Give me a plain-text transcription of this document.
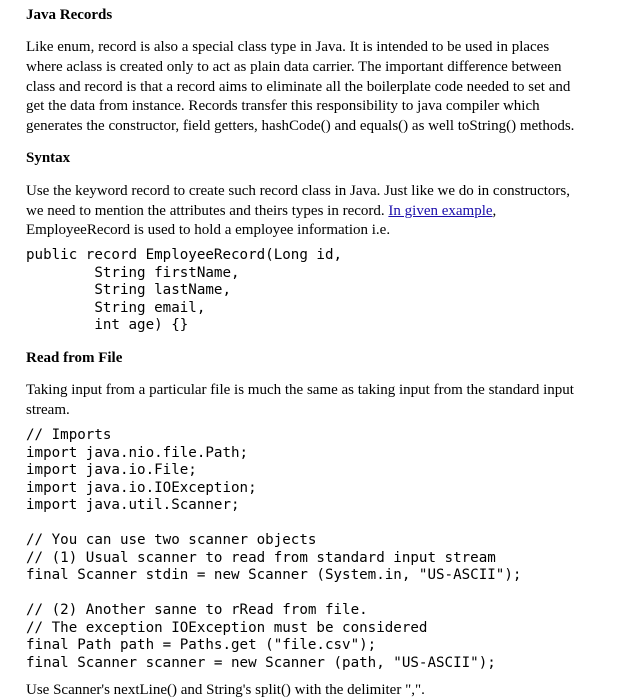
Java Records

Like enum, record is also a special class type in Java. It is intended to be used in places

where aclass is created only to act as plain data carrier. The important difference between

class and record is that a record aims to eliminate all the boilerplate code needed to set and

get the data from instance. Records transfer this responsibility to java compiler which

generates the constructor, field getters, hashCode() and equals() as well toString() methods.

Syntax

Use the keyword record to create such record class in Java. Just like we do in constructors,

we need to mention the attributes and theirs types in record. In given example,

EmployeeRecord is used to hold a employee information i.e.

public record EmployeeRecord(Long id,
String firstName,
String lastName,
String email,
int age) {}
Read from File

Taking input from a particular file is much the same as taking input from the standard input

stream.

// Imports
import java.nio.file.Path;
import java.io.File;
import java.io.IOException;
import java.util.Scanner;
// You can use two scanner objects
// (1) Usual scanner to read from standard input stream
final Scanner stdin = new Scanner (System.in, "US-ASCII");
// (2) Another sanne to rRead from file.
// The exception IOException must be considered
final Path path = Paths.get ("file.csv");
final Scanner scanner = new Scanner (path, "US-ASCII");

Use Scanner's nextLine() and String's split() with the delimiter ",".
